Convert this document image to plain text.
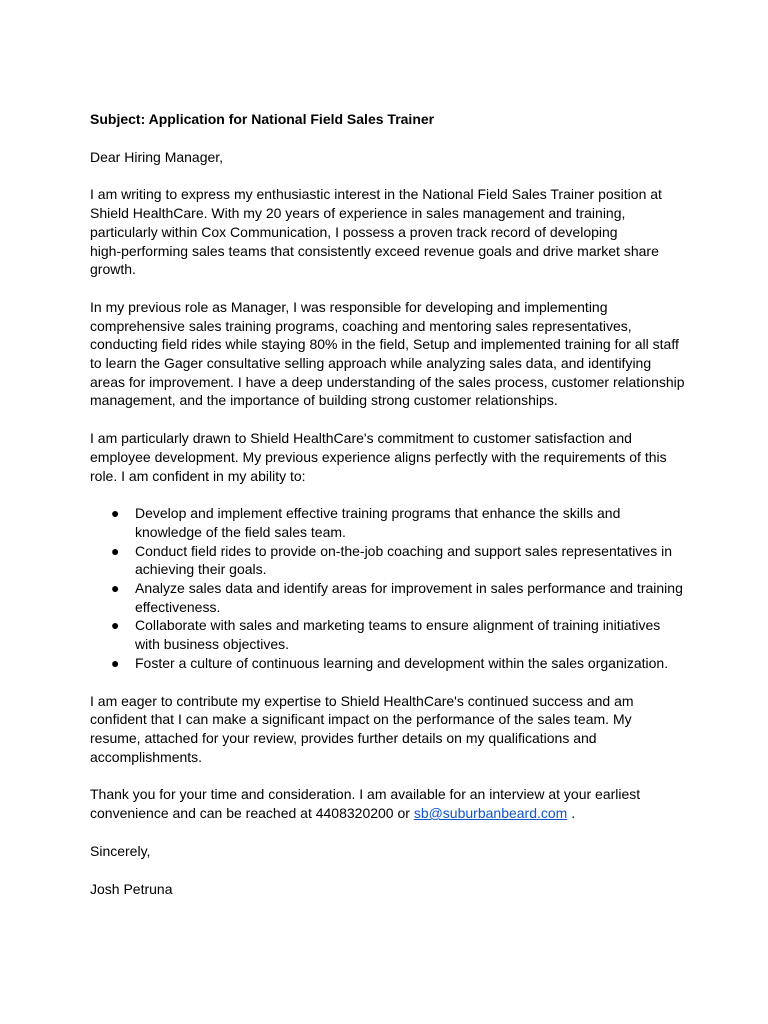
Subject: Application for National Field Sales Trainer

Dear Hiring Manager,

I am writing to express my enthusiastic interest in the National Field Sales Trainer position at
Shield HealthCare. With my 20 years of experience in sales management and training,
particularly within Cox Communication, I possess a proven track record of developing
high-performing sales teams that consistently exceed revenue goals and drive market share
growth.

In my previous role as Manager, I was responsible for developing and implementing
comprehensive sales training programs, coaching and mentoring sales representatives,
conducting field rides while staying 80% in the field, Setup and implemented training for all staff
to learn the Gager consultative selling approach while analyzing sales data, and identifying
areas for improvement. I have a deep understanding of the sales process, customer relationship
management, and the importance of building strong customer relationships.

I am particularly drawn to Shield HealthCare's commitment to customer satisfaction and
employee development. My previous experience aligns perfectly with the requirements of this
role. I am confident in my ability to:

● Develop and implement effective training programs that enhance the skills and
knowledge of the field sales team.
● Conduct field rides to provide on-the-job coaching and support sales representatives in
achieving their goals.
● Analyze sales data and identify areas for improvement in sales performance and training
effectiveness.
● Collaborate with sales and marketing teams to ensure alignment of training initiatives
with business objectives.
● Foster a culture of continuous learning and development within the sales organization.

I am eager to contribute my expertise to Shield HealthCare's continued success and am
confident that I can make a significant impact on the performance of the sales team. My
resume, attached for your review, provides further details on my qualifications and
accomplishments.

Thank you for your time and consideration. I am available for an interview at your earliest
convenience and can be reached at 4408320200 or sb@suburbanbeard.com .

Sincerely,

Josh Petruna
